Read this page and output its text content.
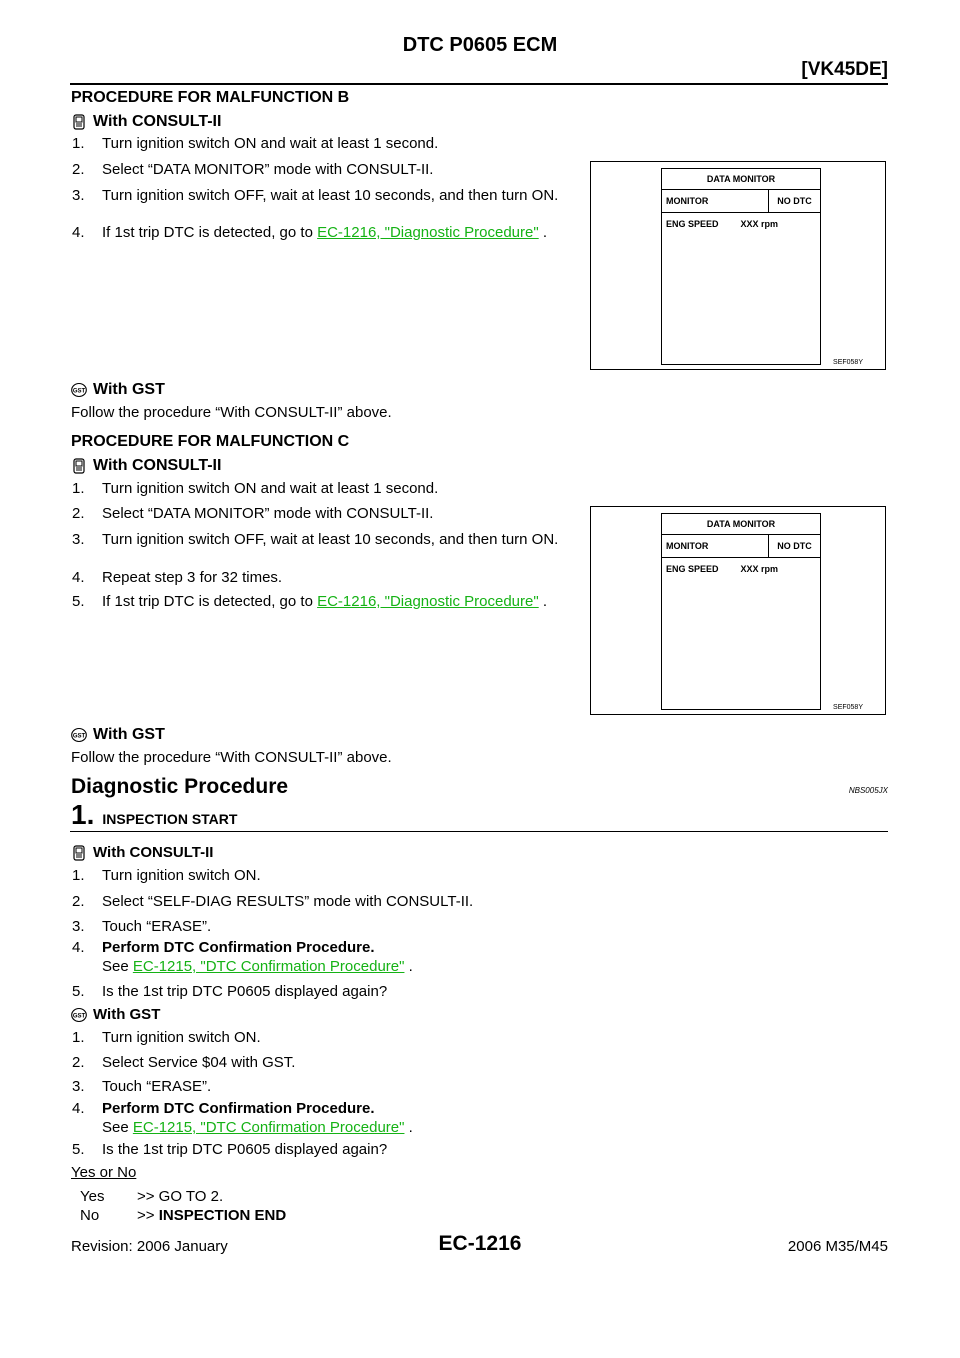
DTC P0605 ECM
[VK45DE]
PROCEDURE FOR MALFUNCTION B
With CONSULT-II
1. Turn ignition switch ON and wait at least 1 second.
2. Select “DATA MONITOR” mode with CONSULT-II.
3. Turn ignition switch OFF, wait at least 10 seconds, and then turn ON.
4. If 1st trip DTC is detected, go to EC-1216, "Diagnostic Procedure" .
DATA MONITOR
MONITOR	NO DTC
ENG SPEED XXX rpm
SEF058Y
GST With GST
Follow the procedure “With CONSULT-II” above.
PROCEDURE FOR MALFUNCTION C
With CONSULT-II
1. Turn ignition switch ON and wait at least 1 second.
2. Select “DATA MONITOR” mode with CONSULT-II.
3. Turn ignition switch OFF, wait at least 10 seconds, and then turn ON.
4. Repeat step 3 for 32 times.
5. If 1st trip DTC is detected, go to EC-1216, "Diagnostic Procedure" .
DATA MONITOR
MONITOR	NO DTC
ENG SPEED XXX rpm
SEF058Y
GST With GST
Follow the procedure “With CONSULT-II” above.
Diagnostic Procedure	NBS005JX
1. INSPECTION START
With CONSULT-II
1. Turn ignition switch ON.
2. Select “SELF-DIAG RESULTS” mode with CONSULT-II.
3. Touch “ERASE”.
4. Perform DTC Confirmation Procedure.
See EC-1215, "DTC Confirmation Procedure" .
5. Is the 1st trip DTC P0605 displayed again?
GST With GST
1. Turn ignition switch ON.
2. Select Service $04 with GST.
3. Touch “ERASE”.
4. Perform DTC Confirmation Procedure.
See EC-1215, "DTC Confirmation Procedure" .
5. Is the 1st trip DTC P0605 displayed again?
Yes or No
Yes >> GO TO 2.
No	>> INSPECTION END
Revision: 2006 January	EC-1216	2006 M35/M45
